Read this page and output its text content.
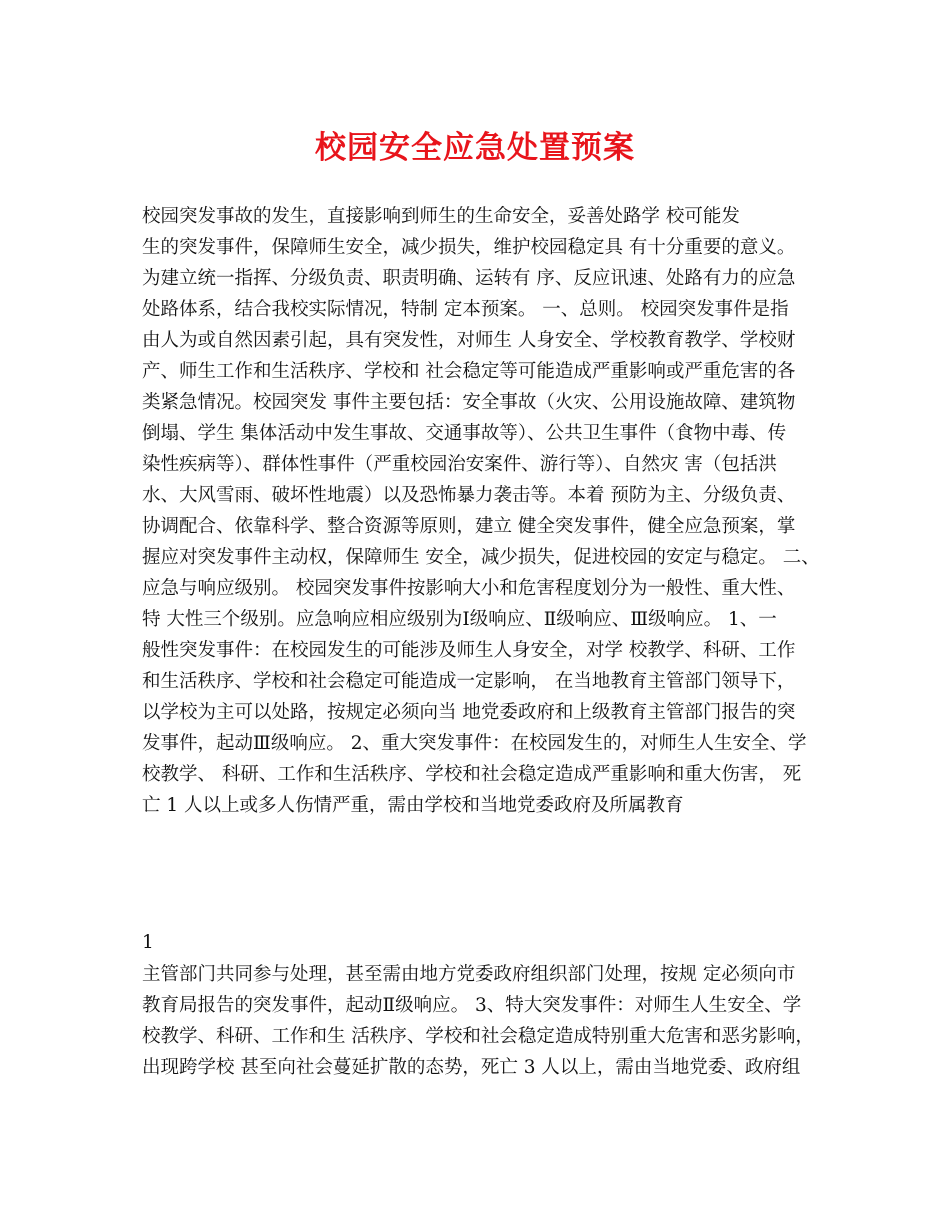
校园安全应急处置预案
校园突发事故的发生，直接影响到师生的生命安全，妥善处路学 校可能发
生的突发事件，保障师生安全，减少损失，维护校园稳定具 有十分重要的意义。
为建立统一指挥、分级负责、职责明确、运转有 序、反应讯速、处路有力的应急
处路体系，结合我校实际情况，特制 定本预案。 一、总则。 校园突发事件是指
由人为或自然因素引起，具有突发性，对师生 人身安全、学校教育教学、学校财
产、师生工作和生活秩序、学校和 社会稳定等可能造成严重影响或严重危害的各
类紧急情况。校园突发 事件主要包括：安全事故（火灾、公用设施故障、建筑物
倒塌、学生 集体活动中发生事故、交通事故等）、公共卫生事件（食物中毒、传
染性疾病等）、群体性事件（严重校园治安案件、游行等）、自然灾 害（包括洪
水、大风雪雨、破坏性地震）以及恐怖暴力袭击等。本着 预防为主、分级负责、
协调配合、依靠科学、整合资源等原则，建立 健全突发事件，健全应急预案，掌
握应对突发事件主动权，保障师生 安全，减少损失，促进校园的安定与稳定。 二、
应急与响应级别。 校园突发事件按影响大小和危害程度划分为一般性、重大性、
特 大性三个级别。应急响应相应级别为Ⅰ级响应、Ⅱ级响应、Ⅲ级响应。 1、一
般性突发事件：在校园发生的可能涉及师生人身安全，对学 校教学、科研、工作
和生活秩序、学校和社会稳定可能造成一定影响， 在当地教育主管部门领导下，
以学校为主可以处路，按规定必须向当 地党委政府和上级教育主管部门报告的突
发事件，起动Ⅲ级响应。 2、重大突发事件：在校园发生的，对师生人生安全、学
校教学、 科研、工作和生活秩序、学校和社会稳定造成严重影响和重大伤害， 死
亡 1 人以上或多人伤情严重，需由学校和当地党委政府及所属教育
1
主管部门共同参与处理，甚至需由地方党委政府组织部门处理，按规 定必须向市
教育局报告的突发事件，起动Ⅱ级响应。 3、特大突发事件：对师生人生安全、学
校教学、科研、工作和生 活秩序、学校和社会稳定造成特别重大危害和恶劣影响，
出现跨学校 甚至向社会蔓延扩散的态势，死亡 3 人以上，需由当地党委、政府组
